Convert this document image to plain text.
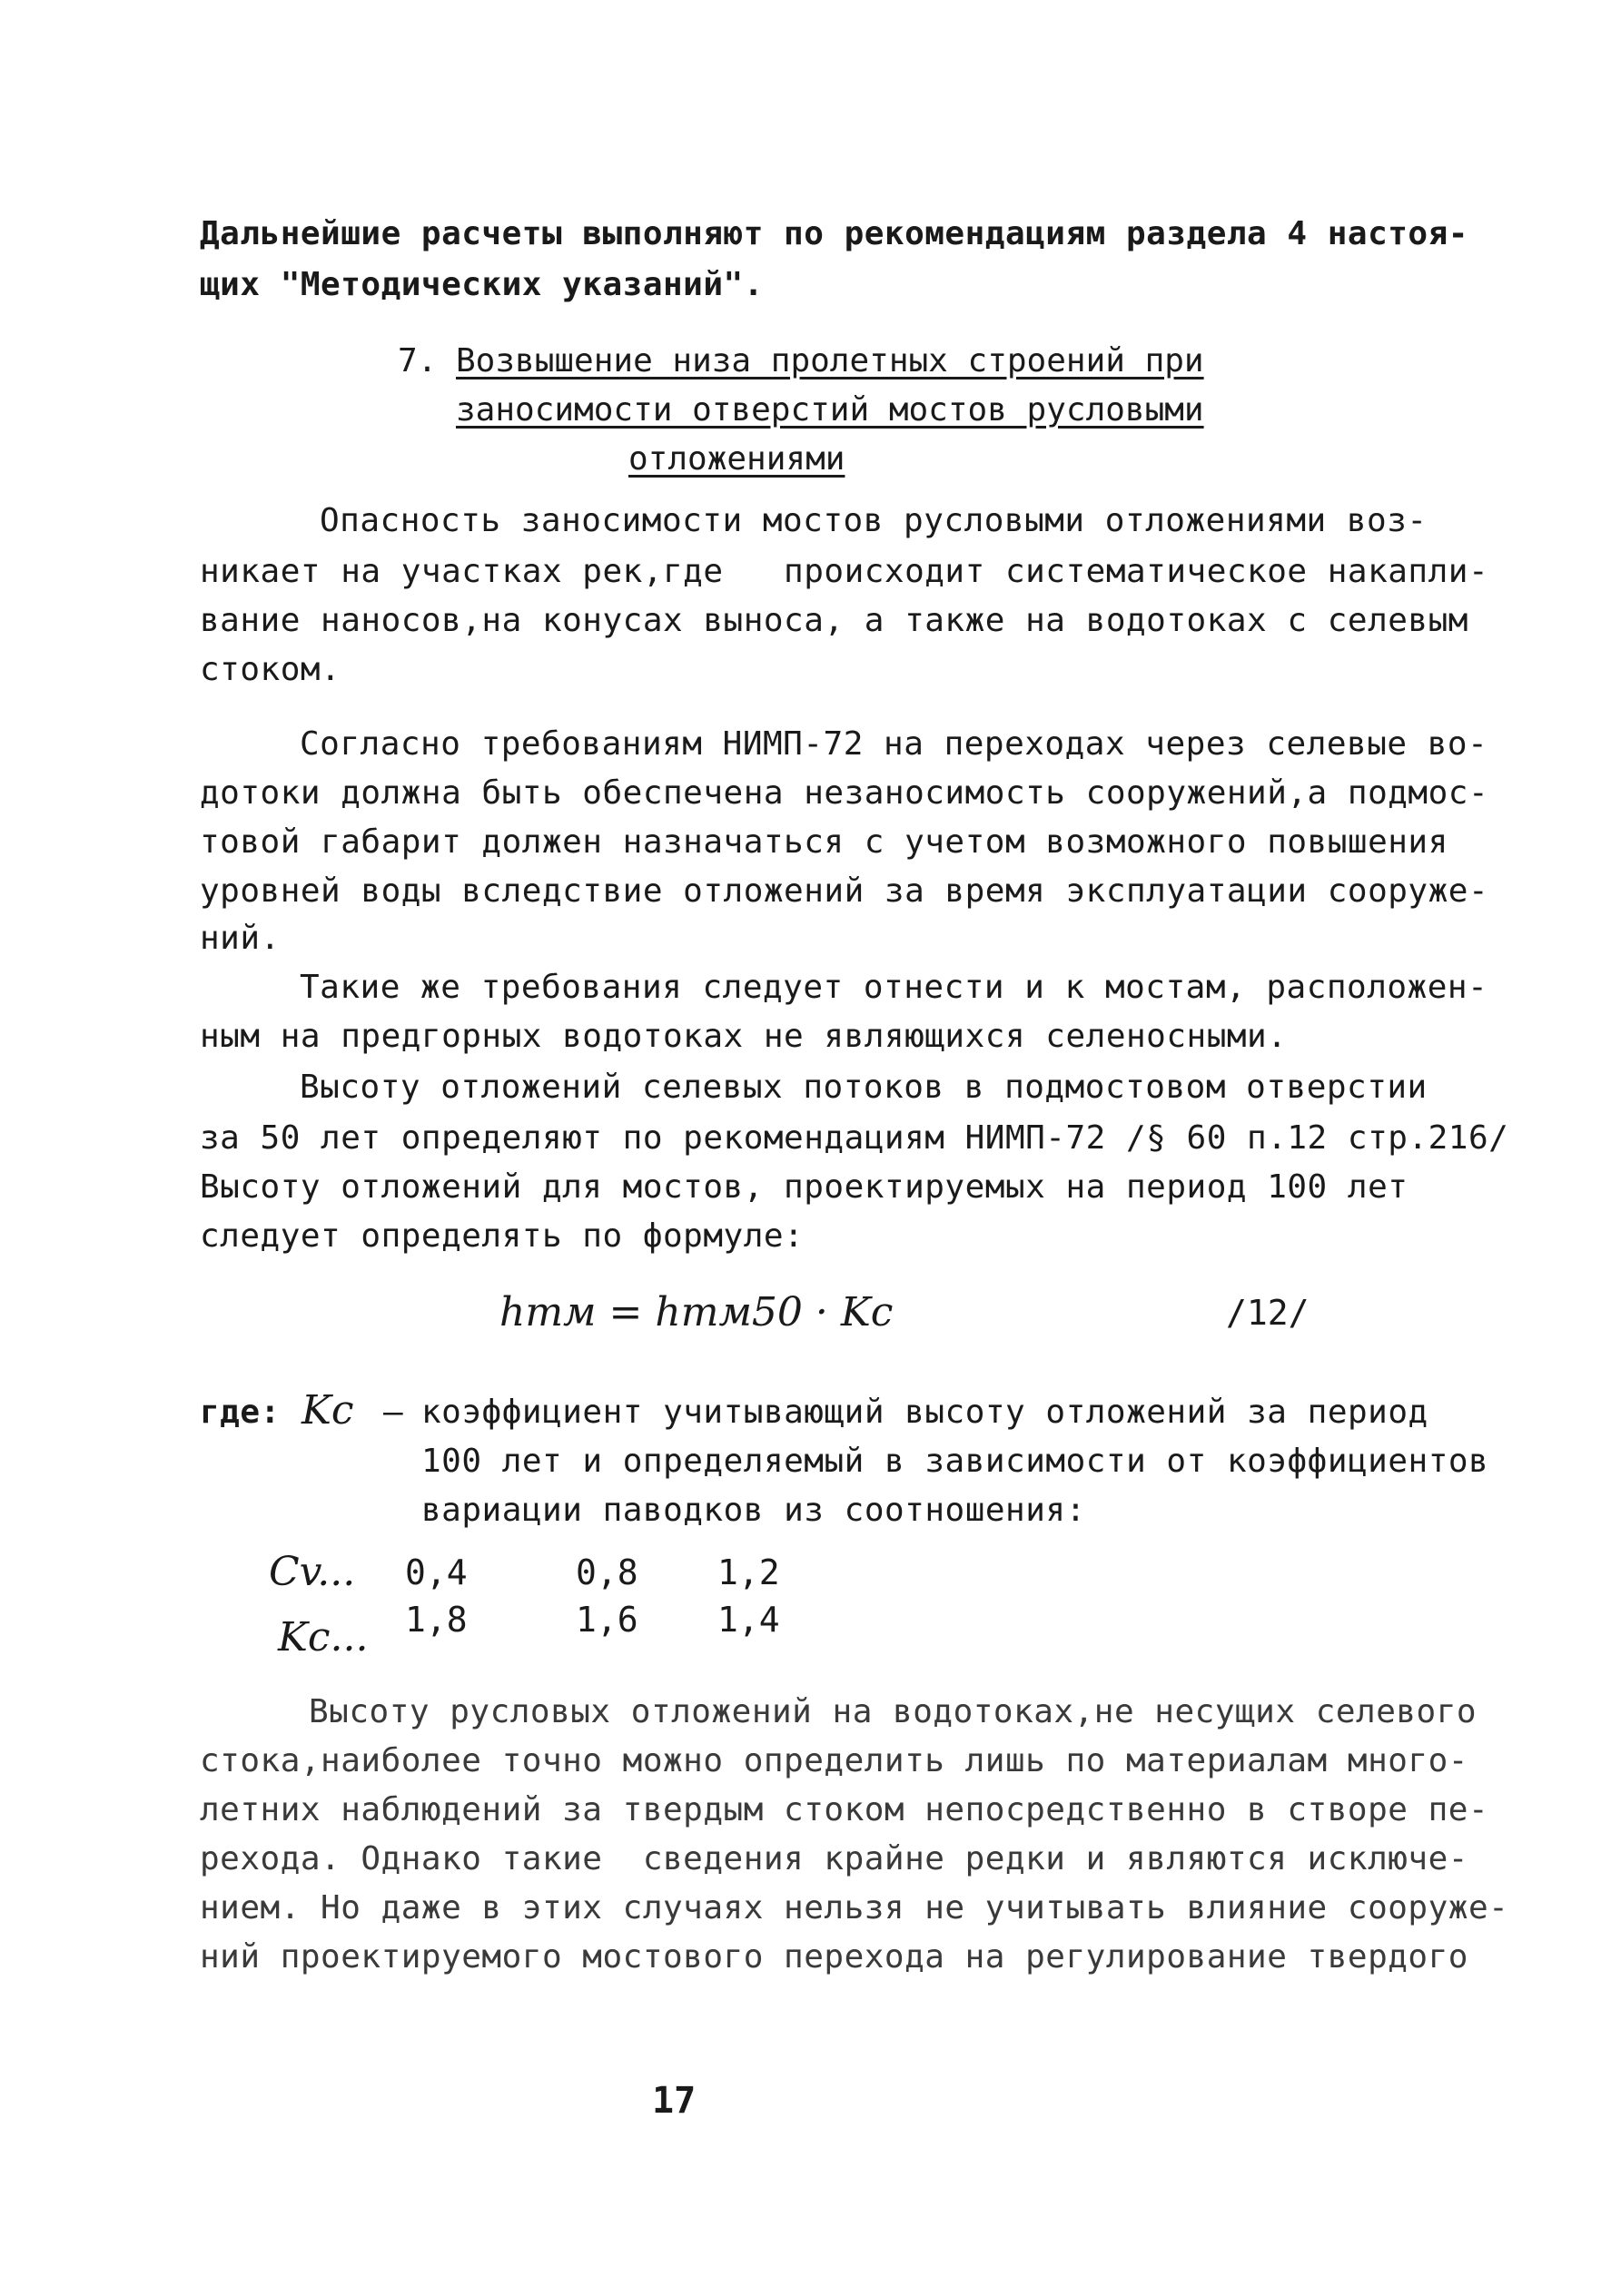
Дальнейшие расчеты выполняют по рекомендациям раздела 4 настоя-
щих "Методических указаний".
7. Возвышение низа пролетных строений при
заносимости отверстий мостов русловыми
отложениями
Опасность заносимости мостов русловыми отложениями воз-
никает на участках рек,где   происходит систематическое накапли-
вание наносов,на конусах выноса, а также на водотоках с селевым
стоком.
Согласно требованиям НИМП-72 на переходах через селевые во-
дотоки должна быть обеспечена незаносимость сооружений,а подмос-
товой габарит должен назначаться с учетом возможного повышения
уровней воды вследствие отложений за время эксплуатации сооруже-
ний.
Такие же требования следует отнести и к мостам, расположен-
ным на предгорных водотоках не являющихся селеносными.
Высоту отложений селевых потоков в подмостовом отверстии
за 50 лет определяют по рекомендациям НИМП-72 /§ 60 п.12 стр.216/
Высоту отложений для мостов, проектируемых на период 100 лет
следует определять по формуле:
hтм = hтм50 · Kс	/12/
где: Kс – коэффициент учитывающий высоту отложений за период
100 лет и определяемый в зависимости от коэффициентов
вариации паводков из соотношения:
Cv... 0,4	0,8 1,2
Kс... 1,8	1,6 1,4
Высоту русловых отложений на водотоках,не несущих селевого
стока,наиболее точно можно определить лишь по материалам много-
летних наблюдений за твердым стоком непосредственно в створе пе-
рехода. Однако такие  сведения крайне редки и являются исключе-
нием. Но даже в этих случаях нельзя не учитывать влияние сооруже-
ний проектируемого мостового перехода на регулирование твердого
17
